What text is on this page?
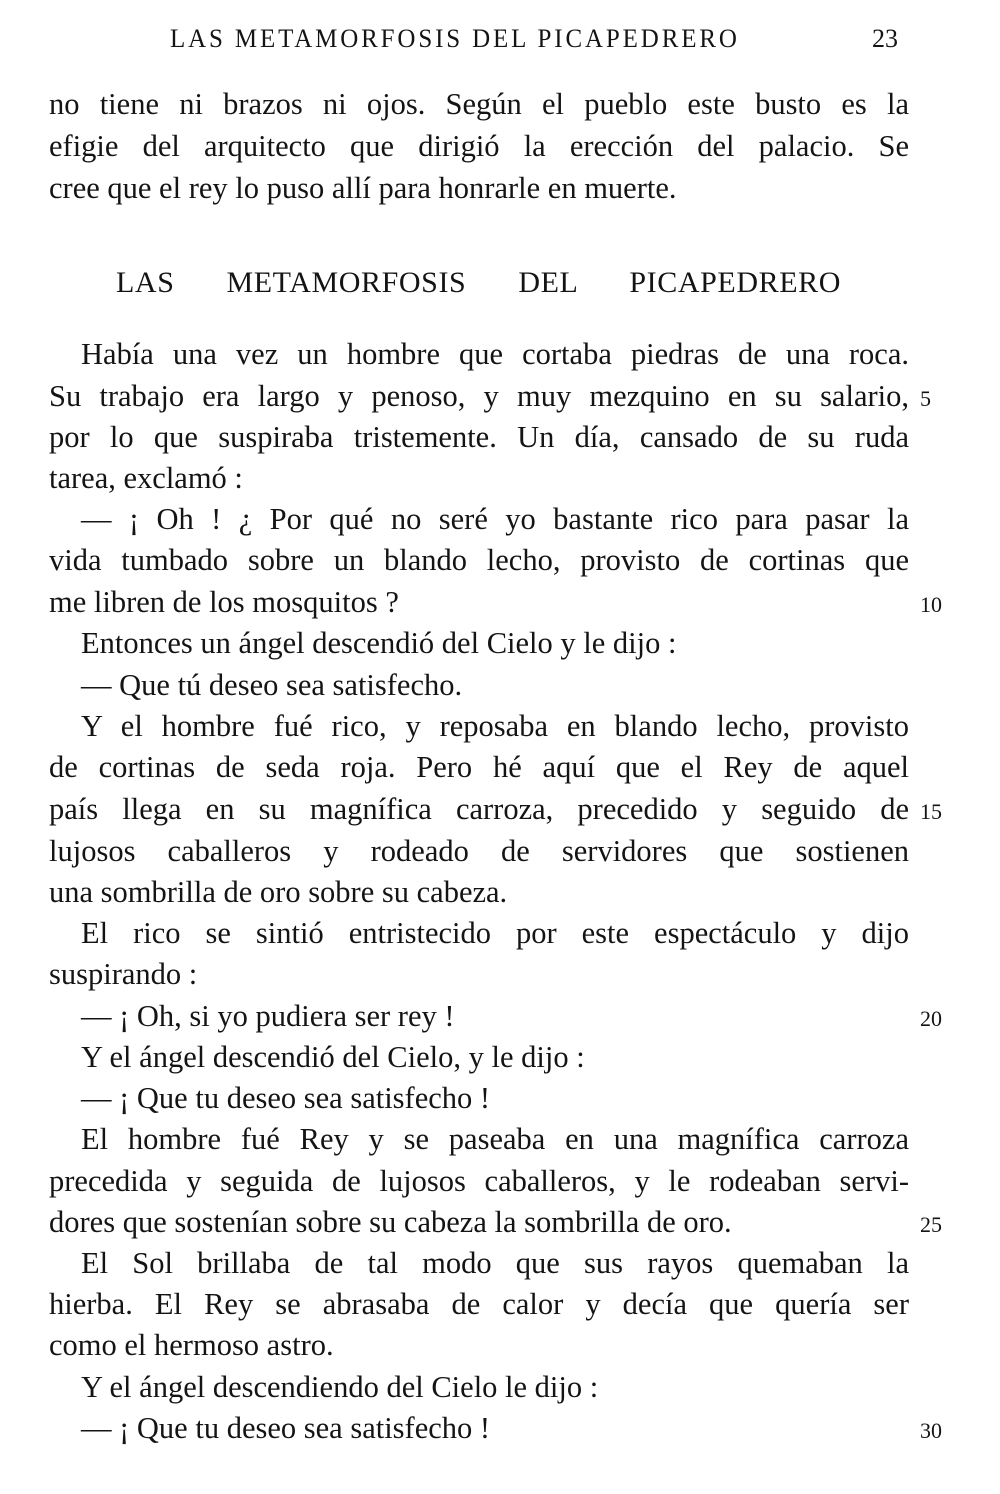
LAS METAMORFOSIS DEL PICAPEDRERO	23
no tiene ni brazos ni ojos. Según el pueblo este busto es la
efigie del arquitecto que dirigió la erección del palacio. Se
cree que el rey lo puso allí para honrarle en muerte.
LAS METAMORFOSIS DEL PICAPEDRERO
Había una vez un hombre que cortaba piedras de una roca.
Su trabajo era largo y penoso, y muy mezquino en su salario,
por lo que suspiraba tristemente. Un día, cansado de su ruda
tarea, exclamó :
— ¡ Oh ! ¿ Por qué no seré yo bastante rico para pasar la
vida tumbado sobre un blando lecho, provisto de cortinas que
me libren de los mosquitos ?
Entonces un ángel descendió del Cielo y le dijo :
— Que tú deseo sea satisfecho.
Y el hombre fué rico, y reposaba en blando lecho, provisto
de cortinas de seda roja. Pero hé aquí que el Rey de aquel
país llega en su magnífica carroza, precedido y seguido de
lujosos caballeros y rodeado de servidores que sostienen
una sombrilla de oro sobre su cabeza.
El rico se sintió entristecido por este espectáculo y dijo
suspirando :
— ¡ Oh, si yo pudiera ser rey !
Y el ángel descendió del Cielo, y le dijo :
— ¡ Que tu deseo sea satisfecho !
El hombre fué Rey y se paseaba en una magnífica carroza
precedida y seguida de lujosos caballeros, y le rodeaban servi-
dores que sostenían sobre su cabeza la sombrilla de oro.
El Sol brillaba de tal modo que sus rayos quemaban la
hierba. El Rey se abrasaba de calor y decía que quería ser
como el hermoso astro.
Y el ángel descendiendo del Cielo le dijo :
— ¡ Que tu deseo sea satisfecho !
5
10
15
20
25
30
